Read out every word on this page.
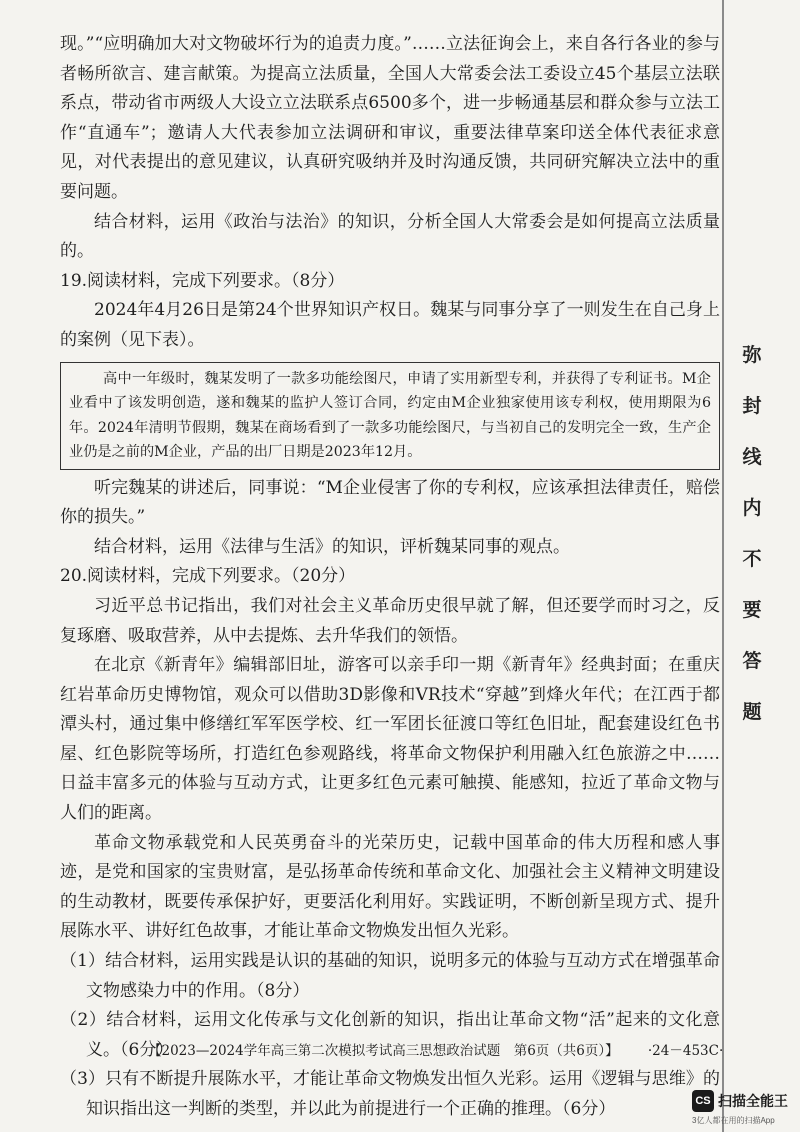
现。”“应明确加大对文物破坏行为的追责力度。”……立法征询会上，来自各行各业的参与者畅所欲言、建言献策。为提高立法质量，全国人大常委会法工委设立45个基层立法联系点，带动省市两级人大设立立法联系点6500多个，进一步畅通基层和群众参与立法工作“直通车”；邀请人大代表参加立法调研和审议，重要法律草案印送全体代表征求意见，对代表提出的意见建议，认真研究吸纳并及时沟通反馈，共同研究解决立法中的重要问题。

结合材料，运用《政治与法治》的知识，分析全国人大常委会是如何提高立法质量的。

19.阅读材料，完成下列要求。（8分）

2024年4月26日是第24个世界知识产权日。魏某与同事分享了一则发生在自己身上的案例（见下表）。

高中一年级时，魏某发明了一款多功能绘图尺，申请了实用新型专利，并获得了专利证书。M企业看中了该发明创造，遂和魏某的监护人签订合同，约定由M企业独家使用该专利权，使用期限为6年。2024年清明节假期，魏某在商场看到了一款多功能绘图尺，与当初自己的发明完全一致，生产企业仍是之前的M企业，产品的出厂日期是2023年12月。

听完魏某的讲述后，同事说：“M企业侵害了你的专利权，应该承担法律责任，赔偿你的损失。”

结合材料，运用《法律与生活》的知识，评析魏某同事的观点。

20.阅读材料，完成下列要求。（20分）

习近平总书记指出，我们对社会主义革命历史很早就了解，但还要学而时习之，反复琢磨、吸取营养，从中去提炼、去升华我们的领悟。

在北京《新青年》编辑部旧址，游客可以亲手印一期《新青年》经典封面；在重庆红岩革命历史博物馆，观众可以借助3D影像和VR技术“穿越”到烽火年代；在江西于都潭头村，通过集中修缮红军军医学校、红一军团长征渡口等红色旧址，配套建设红色书屋、红色影院等场所，打造红色参观路线，将革命文物保护利用融入红色旅游之中……日益丰富多元的体验与互动方式，让更多红色元素可触摸、能感知，拉近了革命文物与人们的距离。

革命文物承载党和人民英勇奋斗的光荣历史，记载中国革命的伟大历程和感人事迹，是党和国家的宝贵财富，是弘扬革命传统和革命文化、加强社会主义精神文明建设的生动教材，既要传承保护好，更要活化利用好。实践证明，不断创新呈现方式、提升展陈水平、讲好红色故事，才能让革命文物焕发出恒久光彩。

（1）结合材料，运用实践是认识的基础的知识，说明多元的体验与互动方式在增强革命文物感染力中的作用。（8分）

（2）结合材料，运用文化传承与文化创新的知识，指出让革命文物“活”起来的文化意义。（6分）

（3）只有不断提升展陈水平，才能让革命文物焕发出恒久光彩。运用《逻辑与思维》的知识指出这一判断的类型，并以此为前提进行一个正确的推理。（6分）

弥
封
线
内
不
要
答
题
【2023—2024学年高三第二次模拟考试高三思想政治试题　第6页（共6页）】	·24－453C·
CS 扫描全能王
3亿人都在用的扫描App
